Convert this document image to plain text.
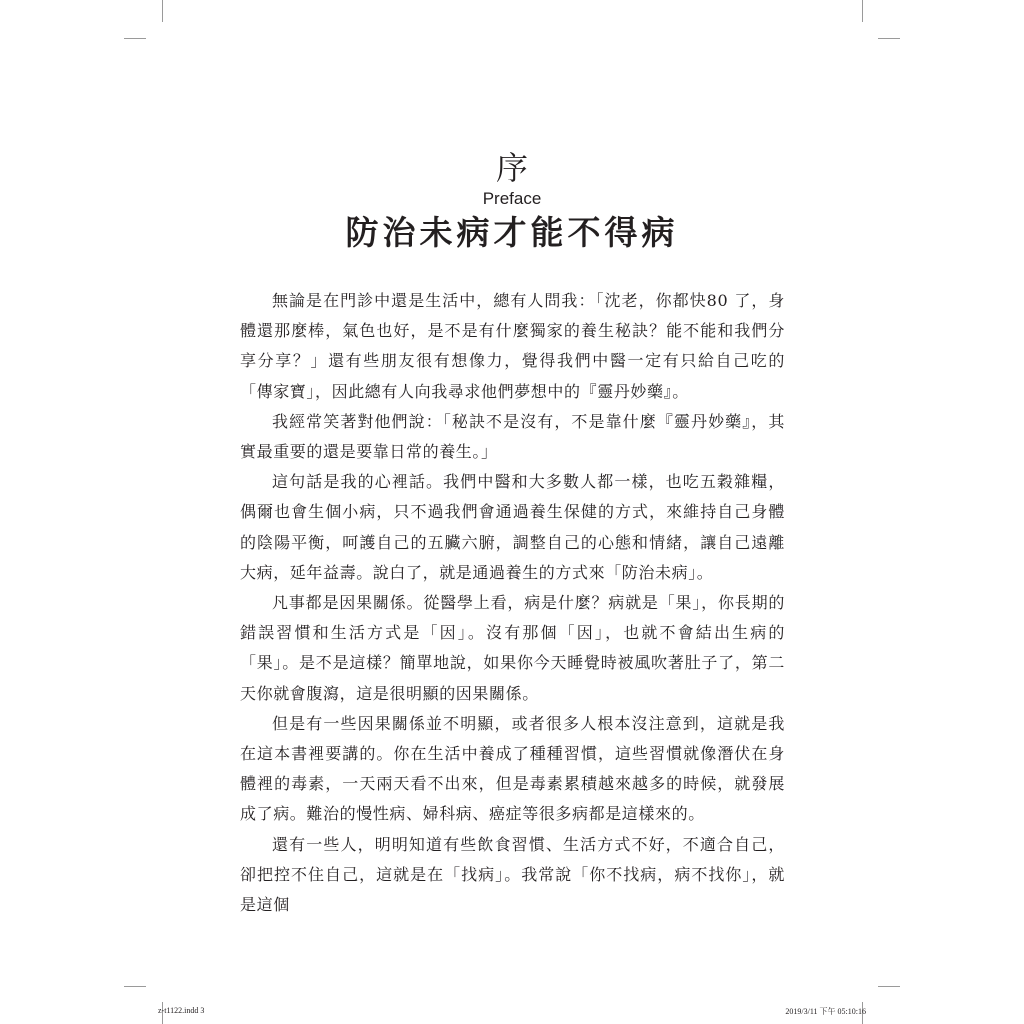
序
Preface
防治未病才能不得病

無論是在門診中還是生活中，總有人問我：「沈老，你都快80 了，身體還那麼棒，氣色也好，是不是有什麼獨家的養生秘訣？能不能和我們分享分享？」還有些朋友很有想像力，覺得我們中醫一定有只給自己吃的「傳家寶」，因此總有人向我尋求他們夢想中的『靈丹妙藥』。

我經常笑著對他們說：「秘訣不是沒有，不是靠什麼『靈丹妙藥』，其實最重要的還是要靠日常的養生。」

這句話是我的心裡話。我們中醫和大多數人都一樣，也吃五穀雜糧，偶爾也會生個小病，只不過我們會通過養生保健的方式，來維持自己身體的陰陽平衡，呵護自己的五臟六腑，調整自己的心態和情緒，讓自己遠離大病，延年益壽。說白了，就是通過養生的方式來「防治未病」。

凡事都是因果關係。從醫學上看，病是什麼？病就是「果」，你長期的錯誤習慣和生活方式是「因」。沒有那個「因」，也就不會結出生病的「果」。是不是這樣？簡單地說，如果你今天睡覺時被風吹著肚子了，第二天你就會腹瀉，這是很明顯的因果關係。

但是有一些因果關係並不明顯，或者很多人根本沒注意到，這就是我在這本書裡要講的。你在生活中養成了種種習慣，這些習慣就像潛伏在身體裡的毒素，一天兩天看不出來，但是毒素累積越來越多的時候，就發展成了病。難治的慢性病、婦科病、癌症等很多病都是這樣來的。

還有一些人，明明知道有些飲食習慣、生活方式不好，不適合自己，卻把控不住自己，這就是在「找病」。我常說「你不找病，病不找你」，就是這個

z-t1122.indd 3	2019/3/11 下午 05:10:16
